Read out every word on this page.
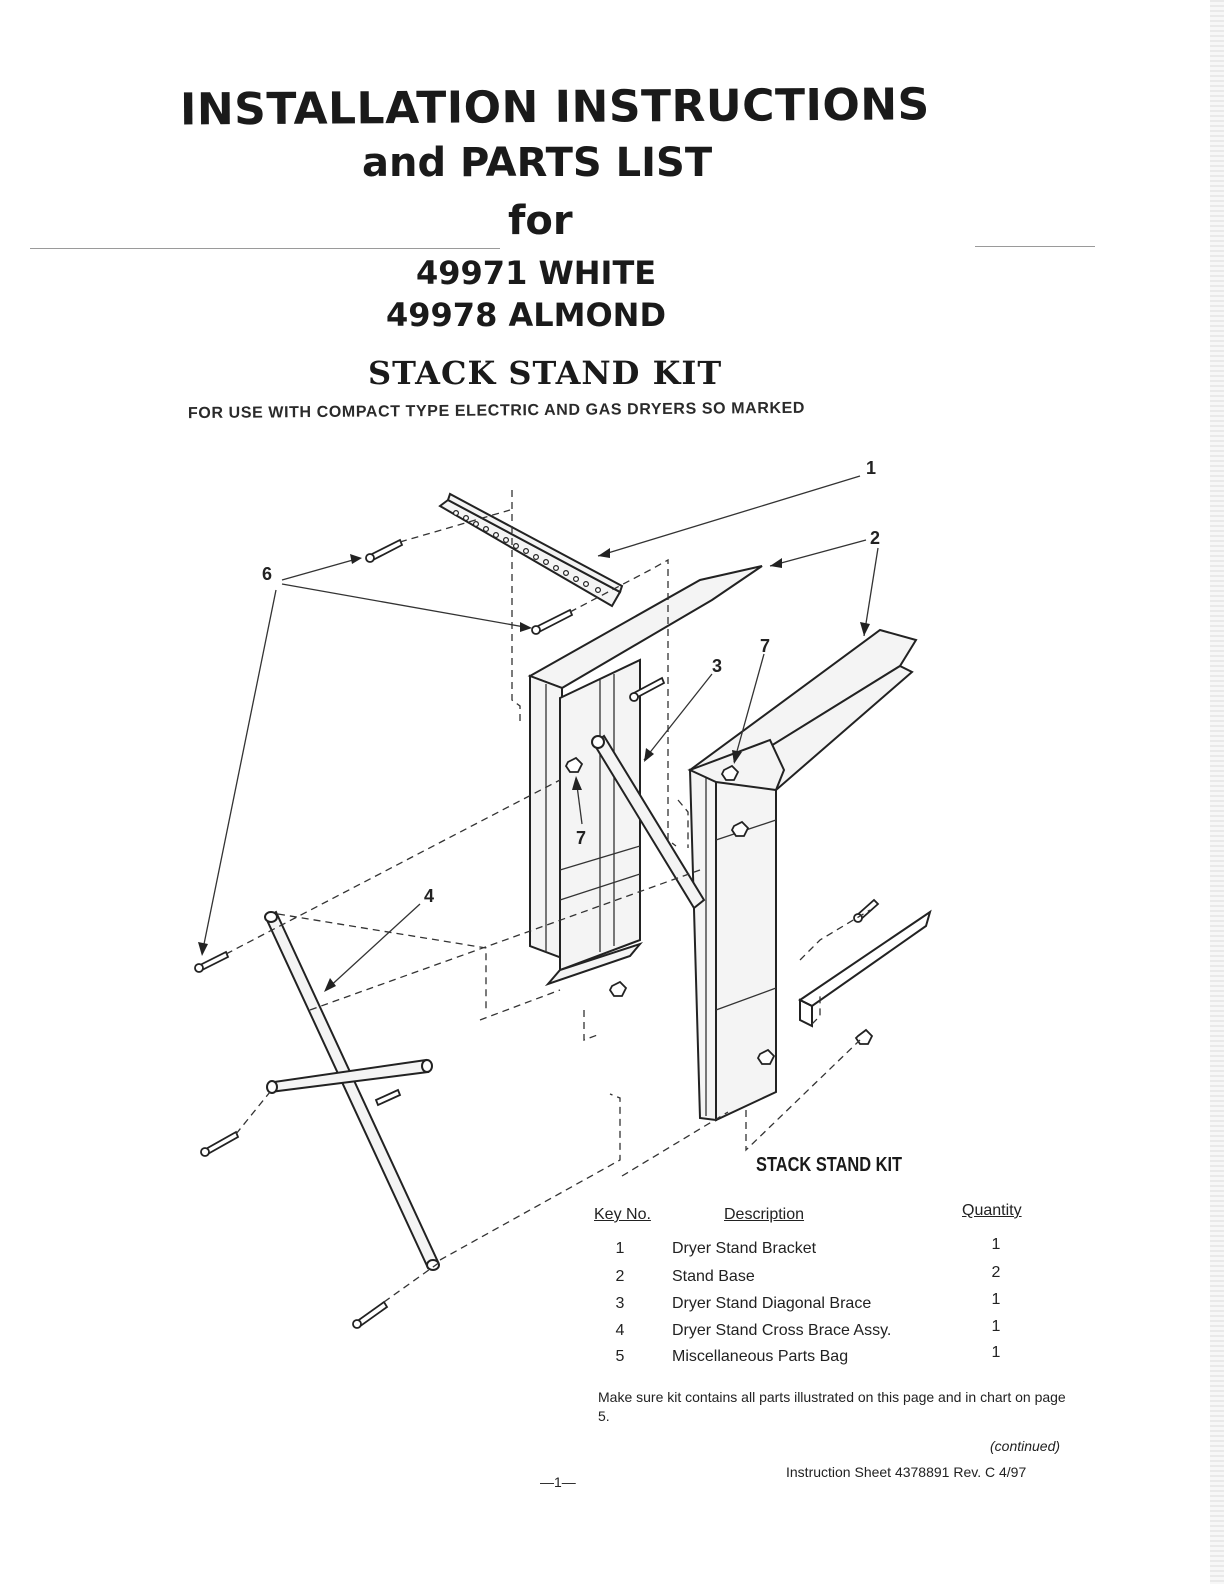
INSTALLATION INSTRUCTIONS
and PARTS LIST
for
49971 WHITE
49978 ALMOND
STACK STAND KIT
FOR USE WITH COMPACT TYPE ELECTRIC AND GAS DRYERS SO MARKED
1
2
3
4
6
7
7
STACK STAND KIT
Key No.	Description	Quantity
1	Dryer Stand Bracket	1
2	Stand Base	2
3	Dryer Stand Diagonal Brace	1
4	Dryer Stand Cross Brace Assy.	1
5	Miscellaneous Parts Bag	1
Make sure kit contains all parts illustrated on this page and in chart on page 5.
(continued)
—1—
Instruction Sheet 4378891 Rev. C 4/97
